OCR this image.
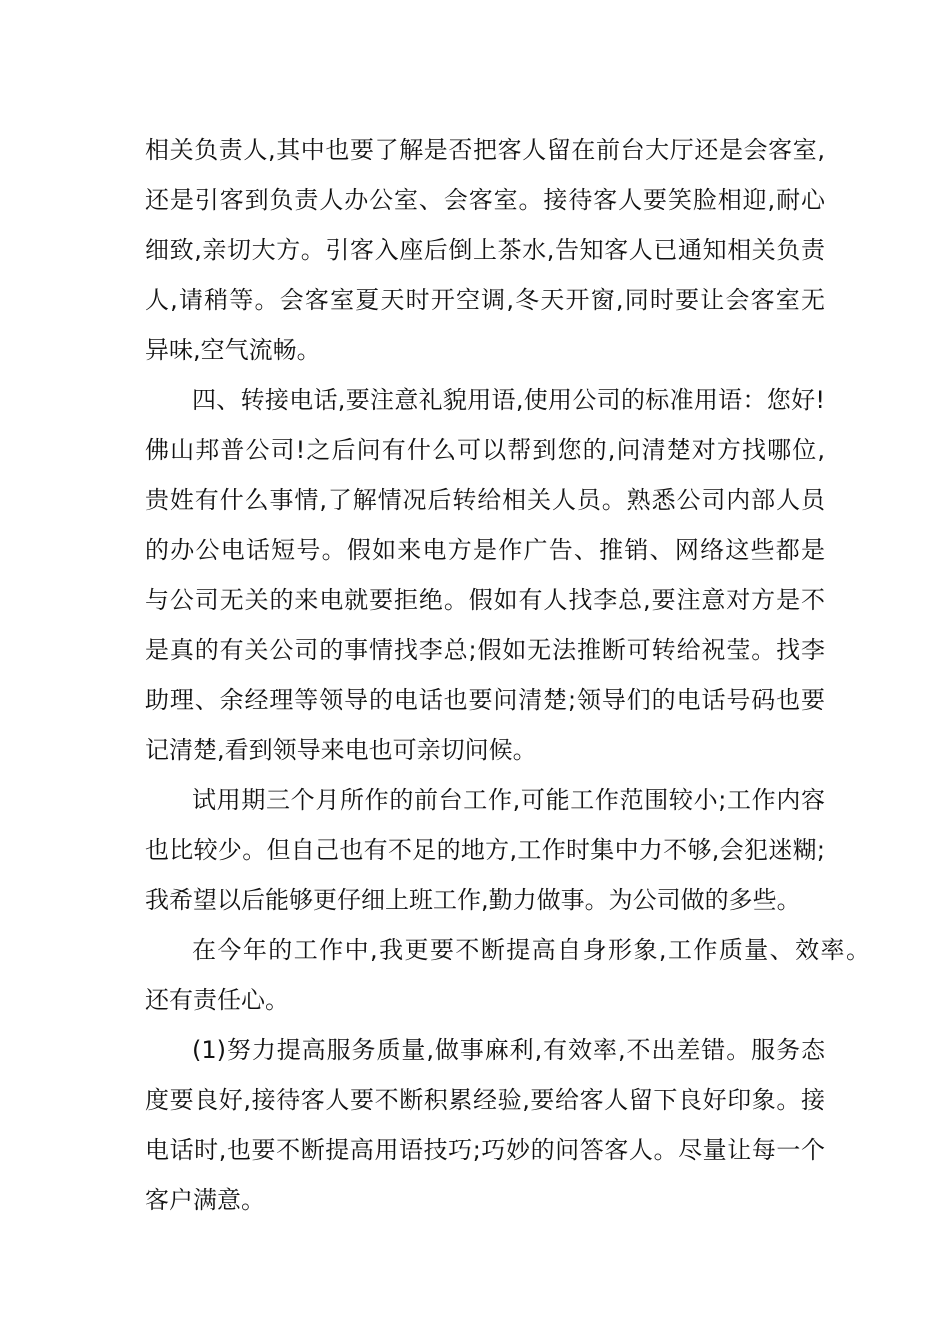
相关负责人,其中也要了解是否把客人留在前台大厅还是会客室,
还是引客到负责人办公室、会客室。接待客人要笑脸相迎,耐心
细致,亲切大方。引客入座后倒上茶水,告知客人已通知相关负责
人,请稍等。会客室夏天时开空调,冬天开窗,同时要让会客室无
异味,空气流畅。
四、转接电话,要注意礼貌用语,使用公司的标准用语：您好!
佛山邦普公司!之后问有什么可以帮到您的,问清楚对方找哪位,
贵姓有什么事情,了解情况后转给相关人员。熟悉公司内部人员
的办公电话短号。假如来电方是作广告、推销、网络这些都是
与公司无关的来电就要拒绝。假如有人找李总,要注意对方是不
是真的有关公司的事情找李总;假如无法推断可转给祝莹。找李
助理、余经理等领导的电话也要问清楚;领导们的电话号码也要
记清楚,看到领导来电也可亲切问候。
试用期三个月所作的前台工作,可能工作范围较小;工作内容
也比较少。但自己也有不足的地方,工作时集中力不够,会犯迷糊;
我希望以后能够更仔细上班工作,勤力做事。为公司做的多些。
在今年的工作中,我更要不断提高自身形象,工作质量、效率。
还有责任心。
(1)努力提高服务质量,做事麻利,有效率,不出差错。服务态
度要良好,接待客人要不断积累经验,要给客人留下良好印象。接
电话时,也要不断提高用语技巧;巧妙的问答客人。尽量让每一个
客户满意。
